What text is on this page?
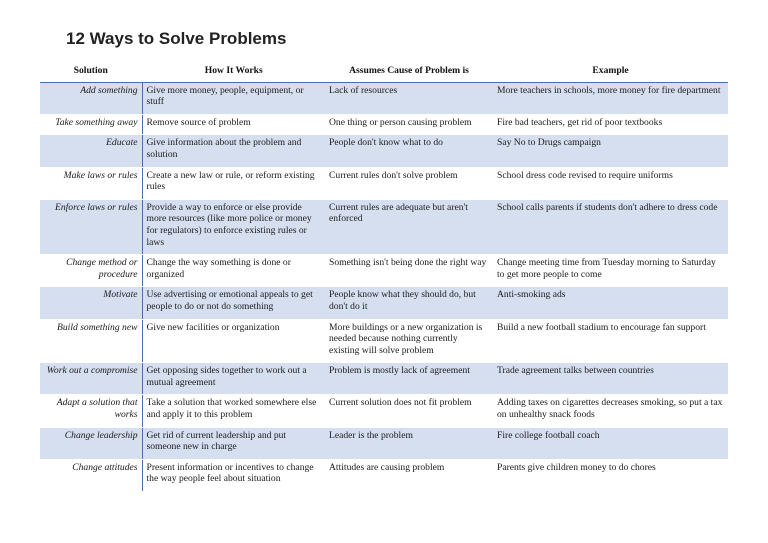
12 Ways to Solve Problems
Solution	How It Works	Assumes Cause of Problem is	Example
Add something	Give more money, people, equipment, or stuff	Lack of resources	More teachers in schools, more money for fire department
Take something away	Remove source of problem	One thing or person causing problem	Fire bad teachers, get rid of poor textbooks
Educate	Give information about the problem and solution	People don't know what to do	Say No to Drugs campaign
Make laws or rules	Create a new law or rule, or reform existing rules	Current rules don't solve problem	School dress code revised to require uniforms
Enforce laws or rules	Provide a way to enforce or else provide more resources (like more police or money for regulators) to enforce existing rules or laws	Current rules are adequate but aren't enforced	School calls parents if students don't adhere to dress code
Change method or procedure	Change the way something is done or organized	Something isn't being done the right way	Change meeting time from Tuesday morning to Saturday to get more people to come
Motivate	Use advertising or emotional appeals to get people to do or not do something	People know what they should do, but don't do it	Anti-smoking ads
Build something new	Give new facilities or organization	More buildings or a new organization is needed because nothing currently existing will solve problem	Build a new football stadium to encourage fan support
Work out a compromise	Get opposing sides together to work out a mutual agreement	Problem is mostly lack of agreement	Trade agreement talks between countries
Adapt a solution that works	Take a solution that worked somewhere else and apply it to this problem	Current solution does not fit problem	Adding taxes on cigarettes decreases smoking, so put a tax on unhealthy snack foods
Change leadership	Get rid of current leadership and put someone new in charge	Leader is the problem	Fire college football coach
Change attitudes	Present information or incentives to change the way people feel about situation	Attitudes are causing problem	Parents give children money to do chores
